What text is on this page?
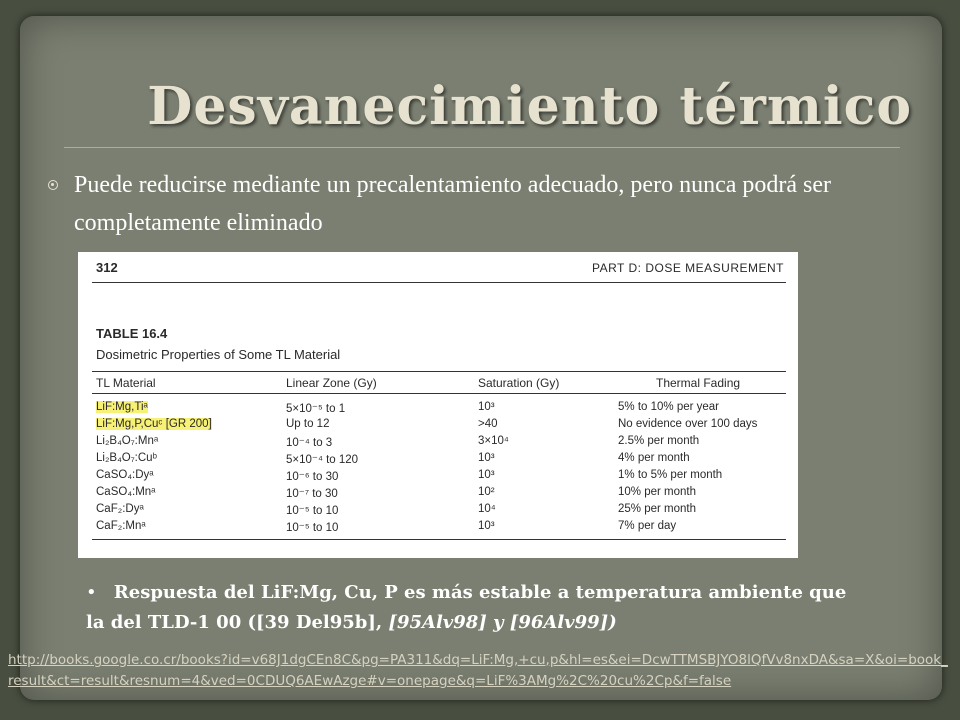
Desvanecimiento térmico
Puede reducirse mediante un precalentamiento adecuado, pero nunca podrá ser completamente eliminado
312	PART D: DOSE MEASUREMENT
TABLE 16.4
Dosimetric Properties of Some TL Material
TL Material	Linear Zone (Gy)	Saturation (Gy)	Thermal Fading
LiF:Mg,Tiᵃ	5×10⁻⁵ to 1	10³	5% to 10% per year
LiF:Mg,P,Cuᶜ [GR 200]	Up to 12	>40	No evidence over 100 days
Li₂B₄O₇:Mnᵃ	10⁻⁴ to 3	3×10⁴	2.5% per month
Li₂B₄O₇:Cuᵇ	5×10⁻⁴ to 120	10³	4% per month
CaSO₄:Dyᵃ	10⁻⁶ to 30	10³	1% to 5% per month
CaSO₄:Mnᵃ	10⁻⁷ to 30	10²	10% per month
CaF₂:Dyᵃ	10⁻⁵ to 10	10⁴	25% per month
CaF₂:Mnᵃ	10⁻⁵ to 10	10³	7% per day
• Respuesta del LiF:Mg, Cu, P es más estable a temperatura ambiente que la del TLD-1 00 ([39 Del95b], [95Alv98] y [96Alv99])
http://books.google.co.cr/books?id=v68J1dgCEn8C&pg=PA311&dq=LiF:Mg,+cu,p&hl=es&ei=DcwTTMSBJYO8lQfVv8nxDA&sa=X&oi=book_result&ct=result&resnum=4&ved=0CDUQ6AEwAzge#v=onepage&q=LiF%3AMg%2C%20cu%2Cp&f=false
